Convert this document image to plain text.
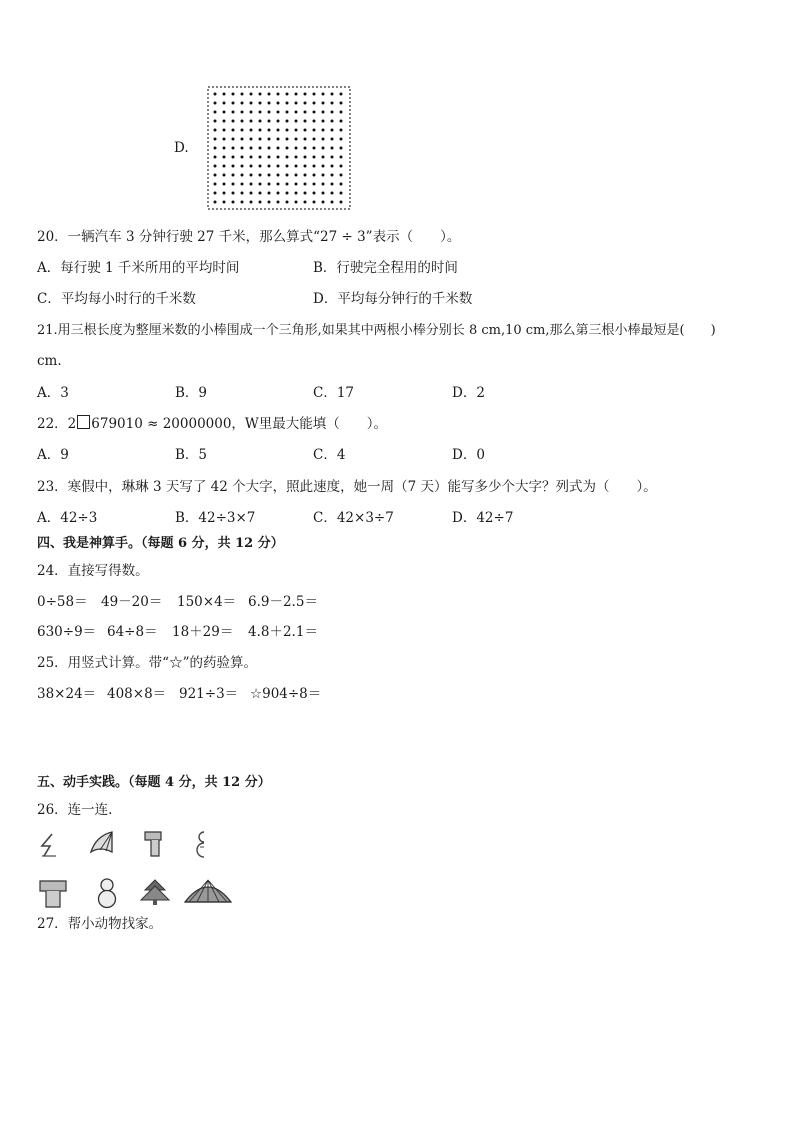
D.
20．一辆汽车 3 分钟行驶 27 千米，那么算式“27 ÷ 3”表示（　　）。
A．每行驶 1 千米所用的平均时间	B．行驶完全程用的时间
C．平均每小时行的千米数	D．平均每分钟行的千米数
21.用三根长度为整厘米数的小棒围成一个三角形,如果其中两根小棒分别长 8 cm,10 cm,那么第三根小棒最短是(　　)
cm.
A．3	B．9	C．17	D．2
22．2 679010 ≈ 20000000，W里最大能填（　　）。
A．9	B．5	C．4	D．0
23．寒假中，琳琳 3 天写了 42 个大字，照此速度，她一周（7 天）能写多少个大字？列式为（　　）。
A．42÷3	B．42÷3×7	C．42×3÷7	D．42÷7
四、我是神算手。（每题 6 分，共 12 分）
24．直接写得数。
0÷58＝ 49－20＝ 150×4＝ 6.9－2.5＝
630÷9＝ 64÷8＝ 18＋29＝ 4.8＋2.1＝
25．用竖式计算。带“☆”的药验算。
38×24＝ 408×8＝ 921÷3＝ ☆904÷8＝
五、动手实践。（每题 4 分，共 12 分）
26．连一连.
27．帮小动物找家。
